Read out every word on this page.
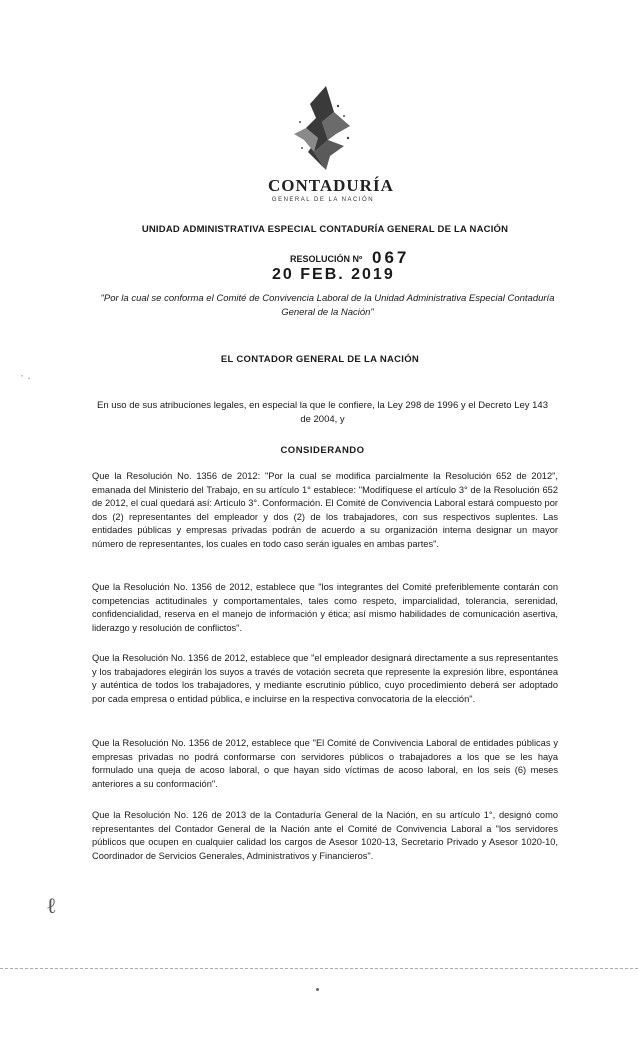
CONTADURÍA
GENERAL DE LA NACIÓN
UNIDAD ADMINISTRATIVA ESPECIAL CONTADURÍA GENERAL DE LA NACIÓN
RESOLUCIÓN Nº 067
20 FEB. 2019
"Por la cual se conforma el Comité de Convivencia Laboral de la Unidad Administrativa Especial Contaduría General de la Nación"
EL CONTADOR GENERAL DE LA NACIÓN
En uso de sus atribuciones legales, en especial la que le confiere, la Ley 298 de 1996 y el Decreto Ley 143 de 2004, y
CONSIDERANDO
Que la Resolución No. 1356 de 2012: "Por la cual se modifica parcialmente la Resolución 652 de 2012", emanada del Ministerio del Trabajo, en su artículo 1° establece: "Modifíquese el artículo 3° de la Resolución 652 de 2012, el cual quedará así: Artículo 3°. Conformación. El Comité de Convivencia Laboral estará compuesto por dos (2) representantes del empleador y dos (2) de los trabajadores, con sus respectivos suplentes. Las entidades públicas y empresas privadas podrán de acuerdo a su organización interna designar un mayor número de representantes, los cuales en todo caso serán iguales en ambas partes".
Que la Resolución No. 1356 de 2012, establece que "los integrantes del Comité preferiblemente contarán con competencias actitudinales y comportamentales, tales como respeto, imparcialidad, tolerancia, serenidad, confidencialidad, reserva en el manejo de información y ética; así mismo habilidades de comunicación asertiva, liderazgo y resolución de conflictos".
Que la Resolución No. 1356 de 2012, establece que "el empleador designará directamente a sus representantes y los trabajadores elegirán los suyos a través de votación secreta que represente la expresión libre, espontánea y auténtica de todos los trabajadores, y mediante escrutinio público, cuyo procedimiento deberá ser adoptado por cada empresa o entidad pública, e incluirse en la respectiva convocatoria de la elección".
Que la Resolución No. 1356 de 2012, establece que "El Comité de Convivencia Laboral de entidades públicas y empresas privadas no podrá conformarse con servidores públicos o trabajadores a los que se les haya formulado una queja de acoso laboral, o que hayan sido víctimas de acoso laboral, en los seis (6) meses anteriores a su conformación".
Que la Resolución No. 126 de 2013 de la Contaduría General de la Nación, en su artículo 1°, designó como representantes del Contador General de la Nación ante el Comité de Convivencia Laboral a "los servidores públicos que ocupen en cualquier calidad los cargos de Asesor 1020-13, Secretario Privado y Asesor 1020-10, Coordinador de Servicios Generales, Administrativos y Financieros".
· .
ℓ
